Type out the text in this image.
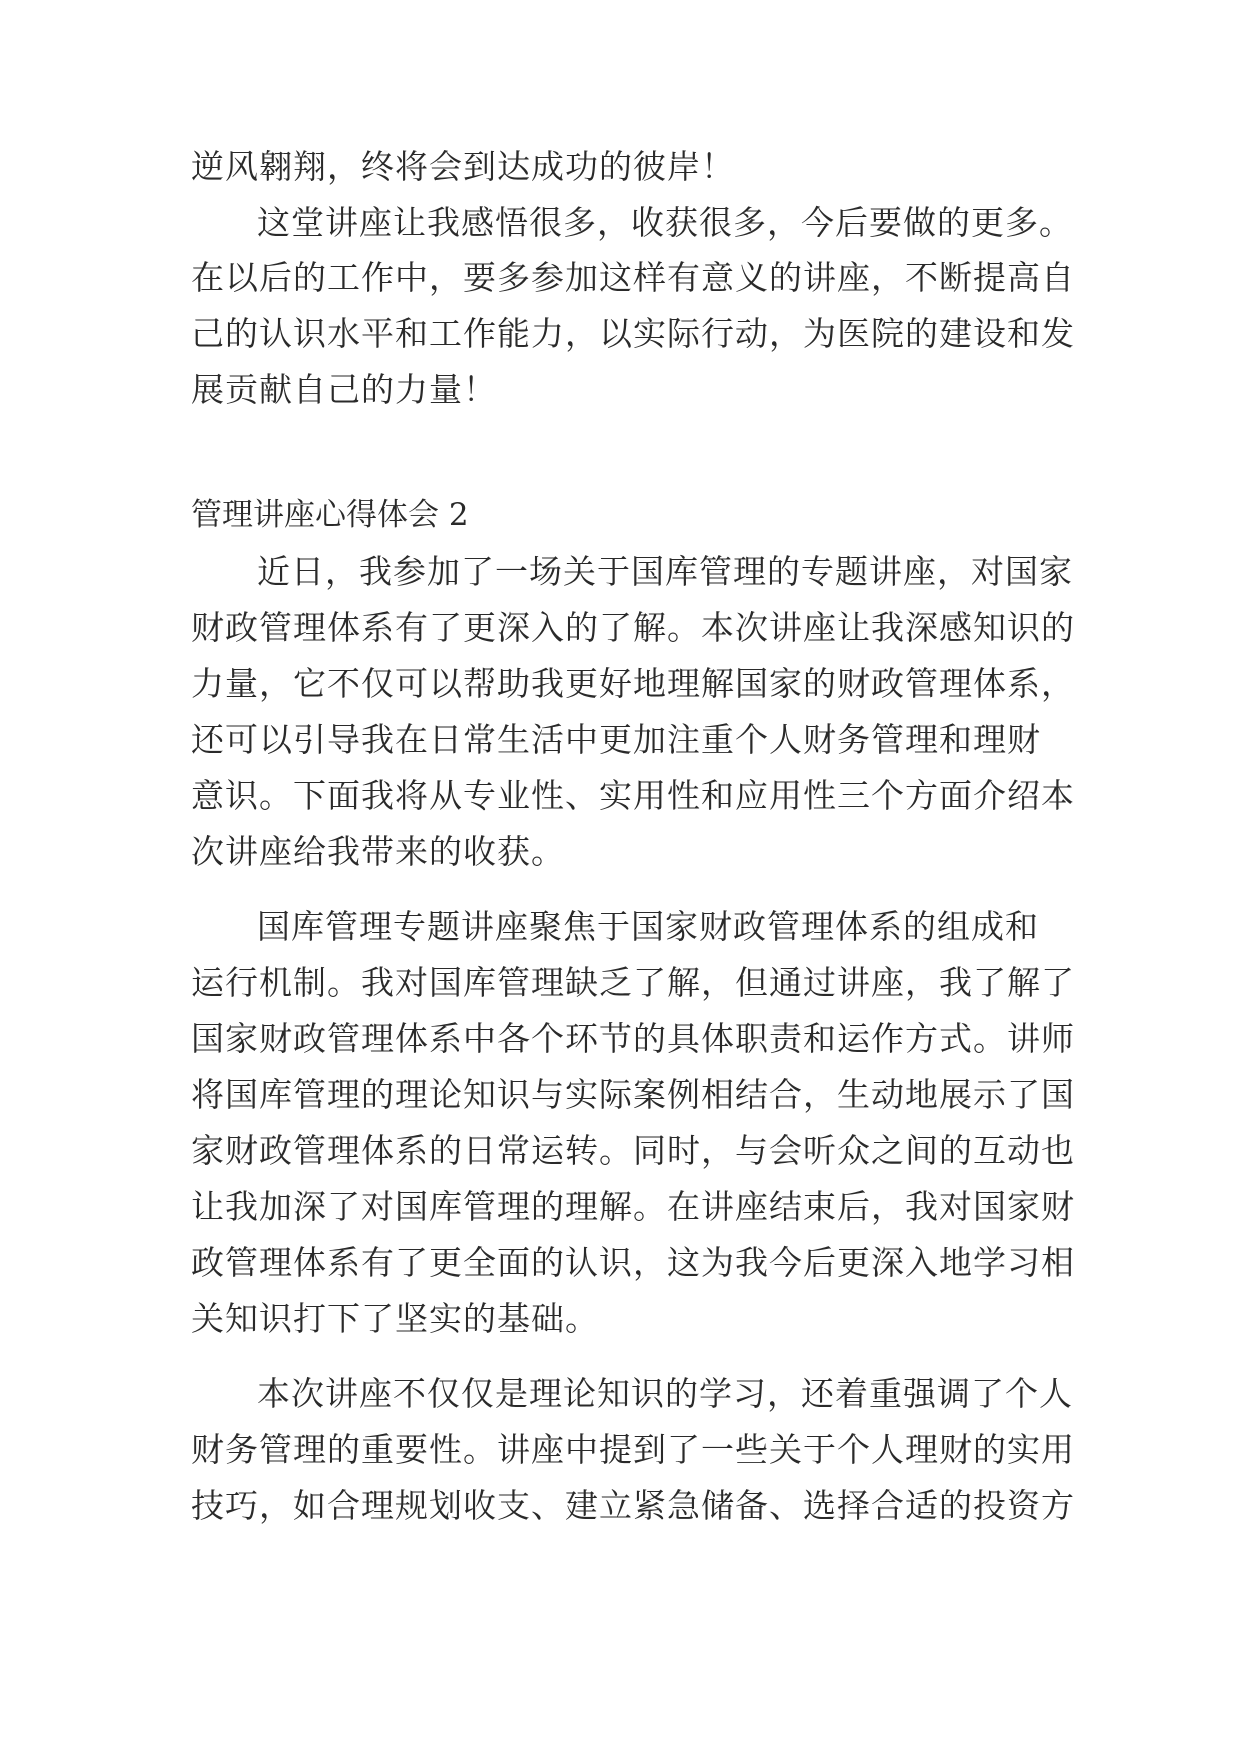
逆风翱翔，终将会到达成功的彼岸！
这堂讲座让我感悟很多，收获很多，今后要做的更多。
在以后的工作中，要多参加这样有意义的讲座，不断提高自
己的认识水平和工作能力，以实际行动，为医院的建设和发
展贡献自己的力量！
管理讲座心得体会 2
近日，我参加了一场关于国库管理的专题讲座，对国家
财政管理体系有了更深入的了解。本次讲座让我深感知识的
力量，它不仅可以帮助我更好地理解国家的财政管理体系，
还可以引导我在日常生活中更加注重个人财务管理和理财
意识。下面我将从专业性、实用性和应用性三个方面介绍本
次讲座给我带来的收获。
国库管理专题讲座聚焦于国家财政管理体系的组成和
运行机制。我对国库管理缺乏了解，但通过讲座，我了解了
国家财政管理体系中各个环节的具体职责和运作方式。讲师
将国库管理的理论知识与实际案例相结合，生动地展示了国
家财政管理体系的日常运转。同时，与会听众之间的互动也
让我加深了对国库管理的理解。在讲座结束后，我对国家财
政管理体系有了更全面的认识，这为我今后更深入地学习相
关知识打下了坚实的基础。
本次讲座不仅仅是理论知识的学习，还着重强调了个人
财务管理的重要性。讲座中提到了一些关于个人理财的实用
技巧，如合理规划收支、建立紧急储备、选择合适的投资方
